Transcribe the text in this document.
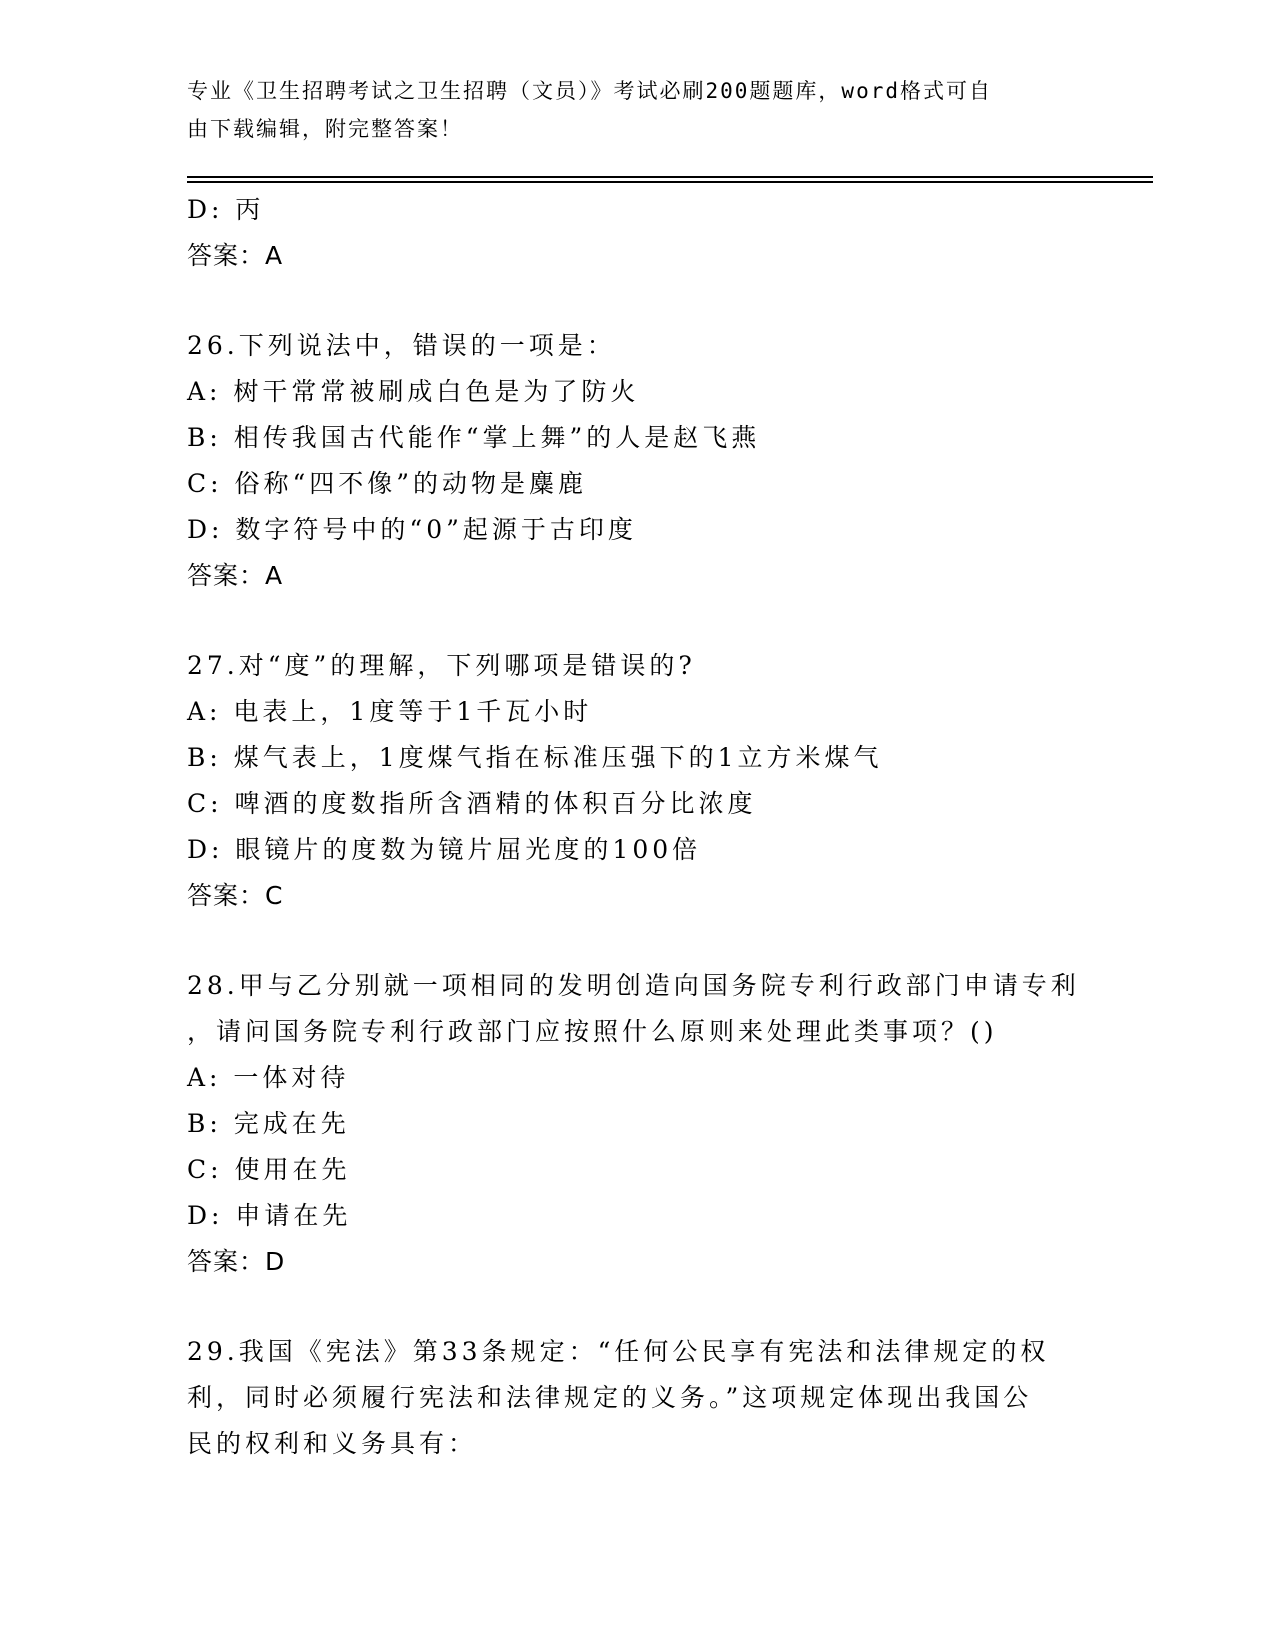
专业《卫生招聘考试之卫生招聘（文员）》考试必刷200题题库，word格式可自
由下载编辑，附完整答案！
D: 丙
答案：A
26.下列说法中，错误的一项是：
A: 树干常常被刷成白色是为了防火
B: 相传我国古代能作“掌上舞”的人是赵飞燕
C: 俗称“四不像”的动物是麋鹿
D: 数字符号中的“0”起源于古印度
答案：A
27.对“度”的理解，下列哪项是错误的?
A: 电表上，1度等于1千瓦小时
B: 煤气表上，1度煤气指在标准压强下的1立方米煤气
C: 啤酒的度数指所含酒精的体积百分比浓度
D: 眼镜片的度数为镜片屈光度的100倍
答案：C
28.甲与乙分别就一项相同的发明创造向国务院专利行政部门申请专利
，请问国务院专利行政部门应按照什么原则来处理此类事项？()
A: 一体对待
B: 完成在先
C: 使用在先
D: 申请在先
答案：D
29.我国《宪法》第33条规定：“任何公民享有宪法和法律规定的权
利，同时必须履行宪法和法律规定的义务。”这项规定体现出我国公
民的权利和义务具有：
